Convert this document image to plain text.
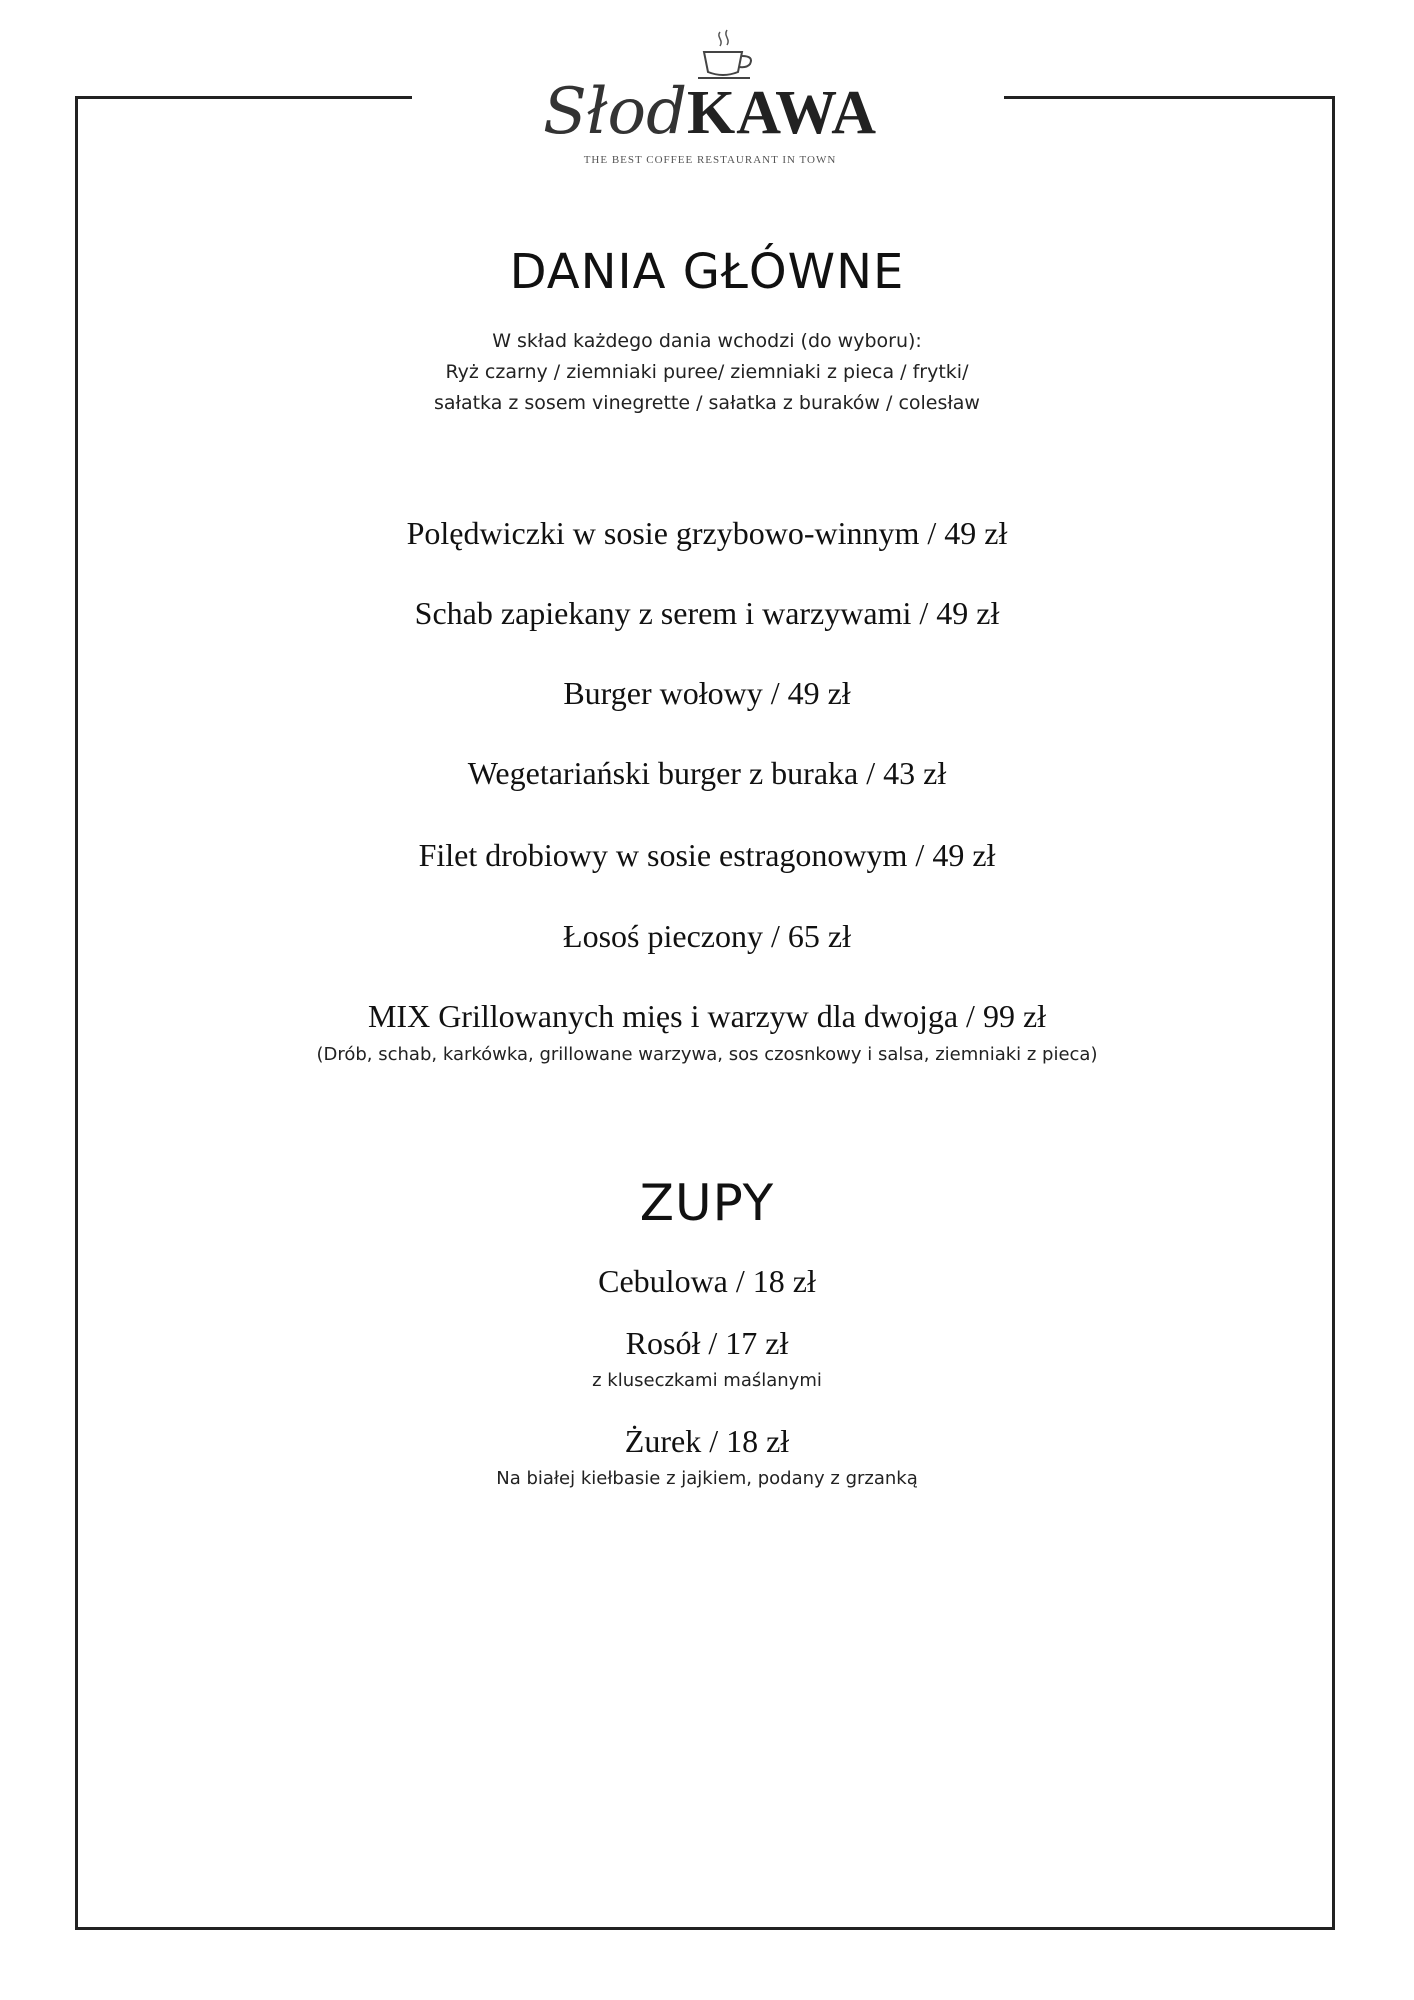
SłodKAWA
THE BEST COFFEE RESTAURANT IN TOWN
DANIA GŁÓWNE
W skład każdego dania wchodzi (do wyboru):
Ryż czarny / ziemniaki puree/ ziemniaki z pieca / frytki/
sałatka z sosem vinegrette / sałatka z buraków / colesław
Polędwiczki w sosie grzybowo-winnym / 49 zł
Schab zapiekany z serem i warzywami / 49 zł
Burger wołowy / 49 zł
Wegetariański burger z buraka / 43 zł
Filet drobiowy w sosie estragonowym / 49 zł
Łosoś pieczony / 65 zł
MIX Grillowanych mięs i warzyw dla dwojga / 99 zł
(Drób, schab, karkówka, grillowane warzywa, sos czosnkowy i salsa, ziemniaki z pieca)
ZUPY
Cebulowa / 18 zł
Rosół / 17 zł
z kluseczkami maślanymi
Żurek / 18 zł
Na białej kiełbasie z jajkiem, podany z grzanką
